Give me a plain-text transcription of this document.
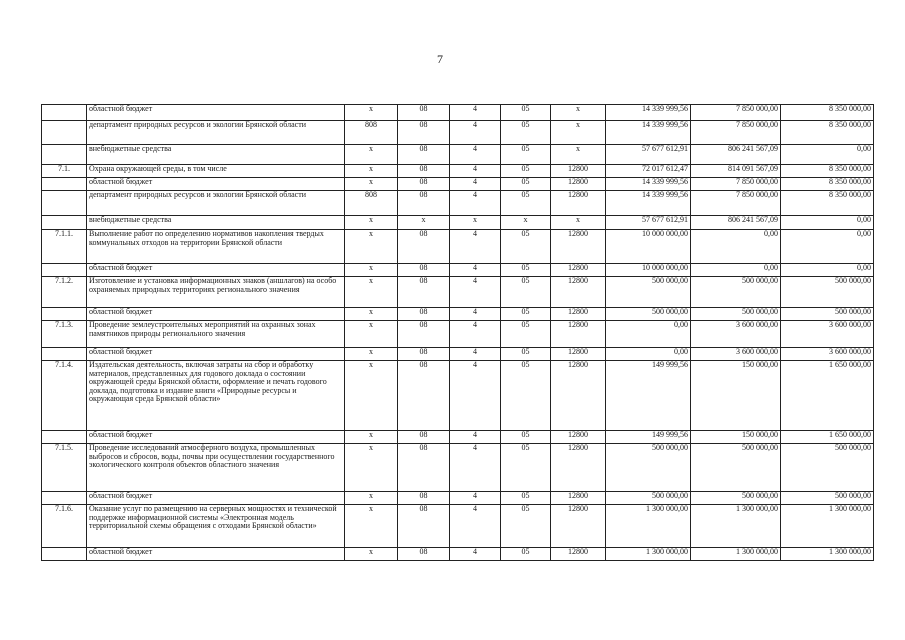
7
	областной бюджет	x	08	4	05	x	14 339 999,56	7 850 000,00	8 350 000,00
	департамент природных ресурсов и экологии Брянской области	808	08	4	05	x	14 339 999,56	7 850 000,00	8 350 000,00
	внебюджетные средства	x	08	4	05	x	57 677 612,91	806 241 567,09	0,00
7.1.	Охрана окружающей среды, в том числе	x	08	4	05	12800	72 017 612,47	814 091 567,09	8 350 000,00
	областной бюджет	x	08	4	05	12800	14 339 999,56	7 850 000,00	8 350 000,00
	департамент природных ресурсов и экологии Брянской области	808	08	4	05	12800	14 339 999,56	7 850 000,00	8 350 000,00
	внебюджетные средства	x	x	x	x	x	57 677 612,91	806 241 567,09	0,00
7.1.1.	Выполнение работ по определению нормативов накопления твердых коммунальных отходов на территории Брянской области	x	08	4	05	12800	10 000 000,00	0,00	0,00
	областной бюджет	x	08	4	05	12800	10 000 000,00	0,00	0,00
7.1.2.	Изготовление и установка информационных знаков (аншлагов) на особо охраняемых природных территориях регионального значения	x	08	4	05	12800	500 000,00	500 000,00	500 000,00
	областной бюджет	x	08	4	05	12800	500 000,00	500 000,00	500 000,00
7.1.3.	Проведение землеустроительных мероприятий на охранных зонах памятников природы регионального значения	x	08	4	05	12800	0,00	3 600 000,00	3 600 000,00
	областной бюджет	x	08	4	05	12800	0,00	3 600 000,00	3 600 000,00
7.1.4.	Издательская деятельность, включая затраты на сбор и обработку материалов, представленных для годового доклада о состоянии окружающей среды Брянской области, оформление и печать годового доклада, подготовка и издание книги «Природные ресурсы и окружающая среда Брянской области»	x	08	4	05	12800	149 999,56	150 000,00	1 650 000,00
	областной бюджет	x	08	4	05	12800	149 999,56	150 000,00	1 650 000,00
7.1.5.	Проведение исследований атмосферного воздуха, промышленных выбросов и сбросов, воды, почвы при осуществлении государственного экологического контроля объектов областного значения	x	08	4	05	12800	500 000,00	500 000,00	500 000,00
	областной бюджет	x	08	4	05	12800	500 000,00	500 000,00	500 000,00
7.1.6.	Оказание услуг по размещению на серверных мощностях и технической поддержке информационной системы «Электронная модель территориальной схемы обращения с отходами Брянской области»	x	08	4	05	12800	1 300 000,00	1 300 000,00	1 300 000,00
	областной бюджет	x	08	4	05	12800	1 300 000,00	1 300 000,00	1 300 000,00
